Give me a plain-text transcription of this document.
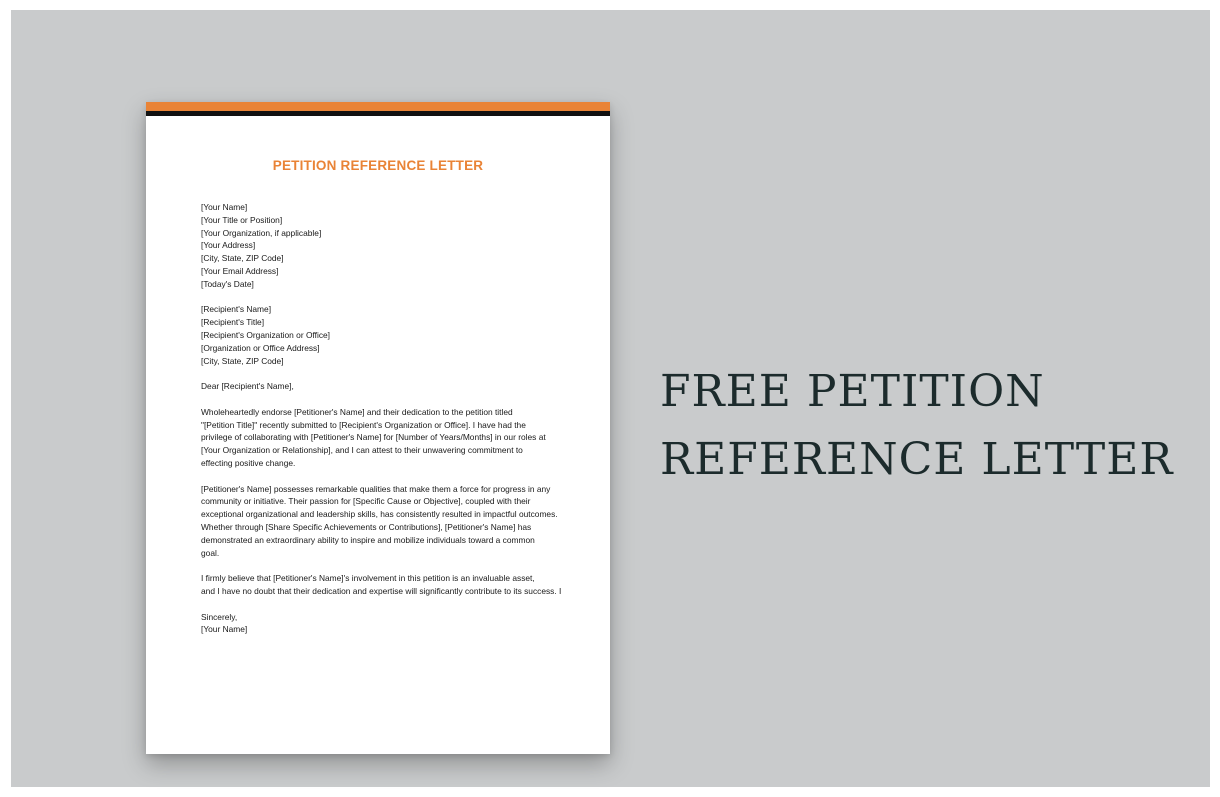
PETITION REFERENCE LETTER
[Your Name]
[Your Title or Position]
[Your Organization, if applicable]
[Your Address]
[City, State, ZIP Code]
[Your Email Address]
[Today's Date]
[Recipient's Name]
[Recipient's Title]
[Recipient's Organization or Office]
[Organization or Office Address]
[City, State, ZIP Code]
Dear [Recipient's Name],
Wholeheartedly endorse [Petitioner's Name] and their dedication to the petition titled
"[Petition Title]" recently submitted to [Recipient's Organization or Office]. I have had the
privilege of collaborating with [Petitioner's Name] for [Number of Years/Months] in our roles at
[Your Organization or Relationship], and I can attest to their unwavering commitment to
effecting positive change.
[Petitioner's Name] possesses remarkable qualities that make them a force for progress in any
community or initiative. Their passion for [Specific Cause or Objective], coupled with their
exceptional organizational and leadership skills, has consistently resulted in impactful outcomes.
Whether through [Share Specific Achievements or Contributions], [Petitioner's Name] has
demonstrated an extraordinary ability to inspire and mobilize individuals toward a common
goal.
I firmly believe that [Petitioner's Name]'s involvement in this petition is an invaluable asset,
and I have no doubt that their dedication and expertise will significantly contribute to its success. I
Sincerely,
[Your Name]
FREE PETITION
REFERENCE LETTER
